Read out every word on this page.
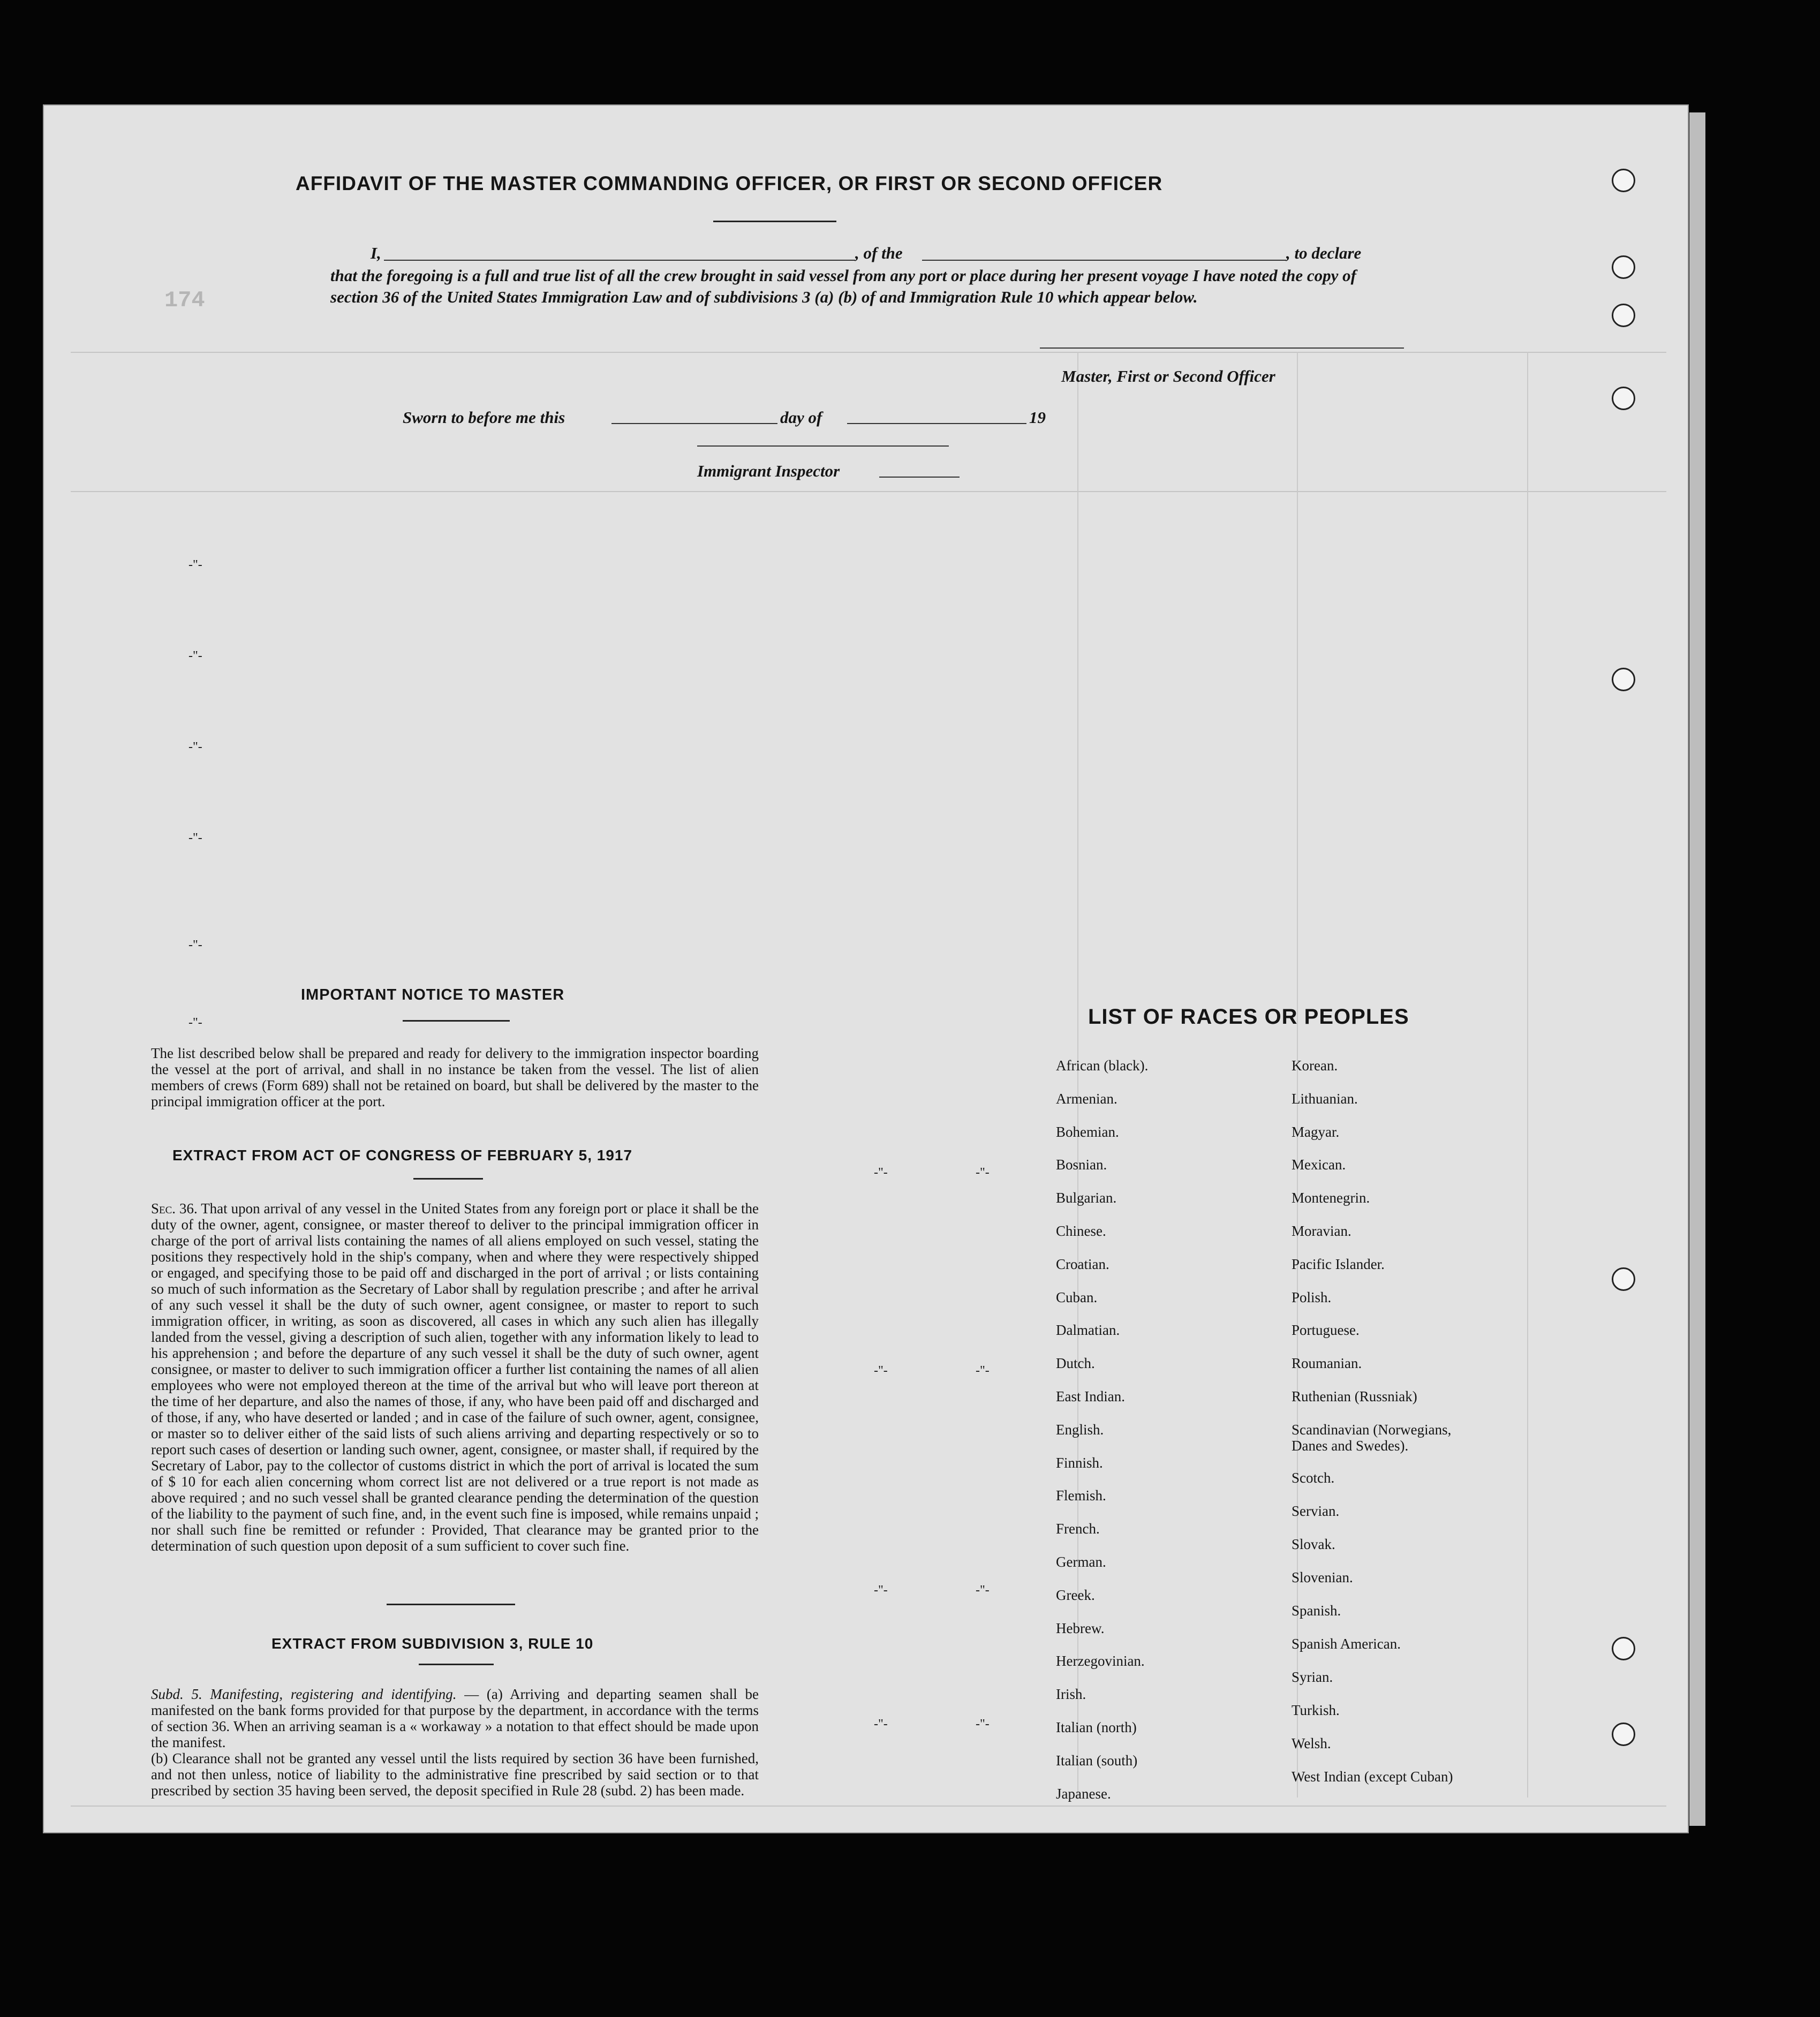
174
-"-
-"-
-"-
-"-
-"-
-"-
-"-	-"-
-"-	-"-
-"-	-"-
-"-	-"-
AFFIDAVIT OF THE MASTER COMMANDING OFFICER, OR FIRST OR SECOND OFFICER
I,	, of the	, to declare
that the foregoing is a full and true list of all the crew brought in said vessel from any port or place during her present voyage I have noted the copy of section 36 of the United States Immigration Law and of subdivisions 3 (a) (b) of and Immigration Rule 10 which appear below.
Master, First or Second Officer
Sworn to before me this	day of	19
Immigrant Inspector
IMPORTANT NOTICE TO MASTER
The list described below shall be prepared and ready for delivery to the immigration inspector boarding the vessel at the port of arrival, and shall in no instance be taken from the vessel. The list of alien members of crews (Form 689) shall not be retained on board, but shall be delivered by the master to the principal immigration officer at the port.
EXTRACT FROM ACT OF CONGRESS OF FEBRUARY 5, 1917
Sec. 36. That upon arrival of any vessel in the United States from any foreign port or place it shall be the duty of the owner, agent, consignee, or master thereof to deliver to the principal immigration officer in charge of the port of arrival lists containing the names of all aliens employed on such vessel, stating the positions they respectively hold in the ship's company, when and where they were respectively shipped or engaged, and specifying those to be paid off and discharged in the port of arrival ; or lists containing so much of such information as the Secretary of Labor shall by regulation prescribe ; and after he arrival of any such vessel it shall be the duty of such owner, agent consignee, or master to report to such immigration officer, in writing, as soon as discovered, all cases in which any such alien has illegally landed from the vessel, giving a description of such alien, together with any information likely to lead to his apprehension ; and before the departure of any such vessel it shall be the duty of such owner, agent consignee, or master to deliver to such immigration officer a further list containing the names of all alien employees who were not employed thereon at the time of the arrival but who will leave port thereon at the time of her departure, and also the names of those, if any, who have been paid off and discharged and of those, if any, who have deserted or landed ; and in case of the failure of such owner, agent, consignee, or master so to deliver either of the said lists of such aliens arriving and departing respectively or so to report such cases of desertion or landing such owner, agent, consignee, or master shall, if required by the Secretary of Labor, pay to the collector of customs district in which the port of arrival is located the sum of $ 10 for each alien concerning whom correct list are not delivered or a true report is not made as above required ; and no such vessel shall be granted clearance pending the determination of the question of the liability to the payment of such fine, and, in the event such fine is imposed, while remains unpaid ; nor shall such fine be remitted or refunder : Provided, That clearance may be granted prior to the determination of such question upon deposit of a sum sufficient to cover such fine.
EXTRACT FROM SUBDIVISION 3, RULE 10
Subd. 5. Manifesting, registering and identifying. — (a) Arriving and departing seamen shall be manifested on the bank forms provided for that purpose by the department, in accordance with the terms of section 36. When an arriving seaman is a « workaway » a notation to that effect should be made upon the manifest.
(b) Clearance shall not be granted any vessel until the lists required by section 36 have been furnished, and not then unless, notice of liability to the administrative fine prescribed by said section or to that prescribed by section 35 having been served, the deposit specified in Rule 28 (subd. 2) has been made.
LIST OF RACES OR PEOPLES
African (black).
Armenian.
Bohemian.
Bosnian.
Bulgarian.
Chinese.
Croatian.
Cuban.
Dalmatian.
Dutch.
East Indian.
English.
Finnish.
Flemish.
French.
German.
Greek.
Hebrew.
Herzegovinian.
Irish.
Italian (north)
Italian (south)
Japanese.
Korean.
Lithuanian.
Magyar.
Mexican.
Montenegrin.
Moravian.
Pacific Islander.
Polish.
Portuguese.
Roumanian.
Ruthenian (Russniak)
Scandinavian (Norwegians, Danes and Swedes).
Scotch.
Servian.
Slovak.
Slovenian.
Spanish.
Spanish American.
Syrian.
Turkish.
Welsh.
West Indian (except Cuban)
